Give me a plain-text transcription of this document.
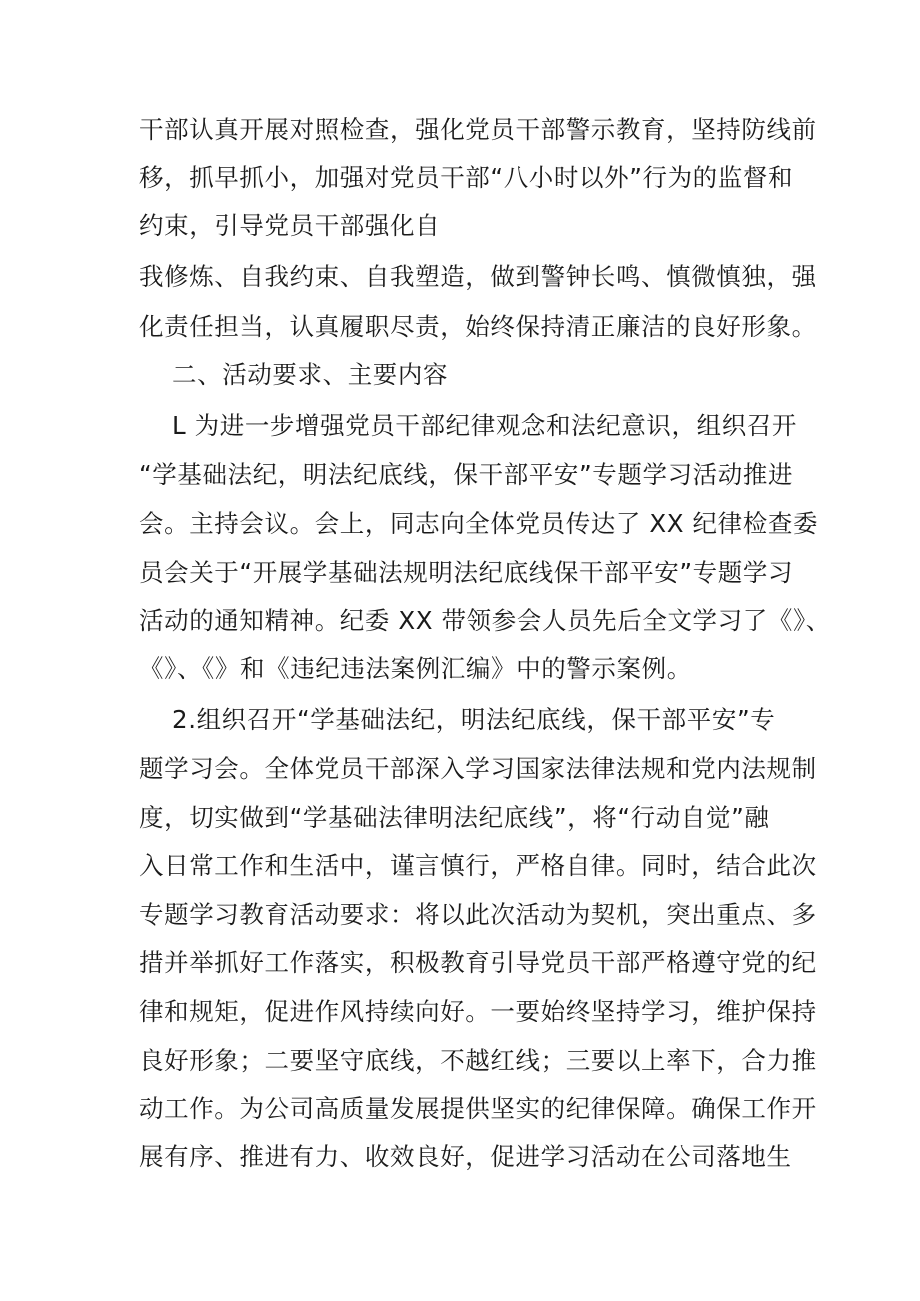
干部认真开展对照检查，强化党员干部警示教育，坚持防线前
移，抓早抓小，加强对党员干部“八小时以外”行为的监督和
约束，引导党员干部强化自
我修炼、自我约束、自我塑造，做到警钟长鸣、慎微慎独，强
化责任担当，认真履职尽责，始终保持清正廉洁的良好形象。
二、活动要求、主要内容
L 为进一步增强党员干部纪律观念和法纪意识，组织召开
“学基础法纪，明法纪底线，保干部平安”专题学习活动推进
会。主持会议。会上，同志向全体党员传达了 XX 纪律检查委
员会关于“开展学基础法规明法纪底线保干部平安”专题学习
活动的通知精神。纪委 XX 带领参会人员先后全文学习了《》、
《》、《》和《违纪违法案例汇编》中的警示案例。
2.组织召开“学基础法纪，明法纪底线，保干部平安”专
题学习会。全体党员干部深入学习国家法律法规和党内法规制
度，切实做到“学基础法律明法纪底线”，将“行动自觉”融
入日常工作和生活中，谨言慎行，严格自律。同时，结合此次
专题学习教育活动要求：将以此次活动为契机，突出重点、多
措并举抓好工作落实，积极教育引导党员干部严格遵守党的纪
律和规矩，促进作风持续向好。一要始终坚持学习，维护保持
良好形象；二要坚守底线，不越红线；三要以上率下，合力推
动工作。为公司高质量发展提供坚实的纪律保障。确保工作开
展有序、推进有力、收效良好，促进学习活动在公司落地生
